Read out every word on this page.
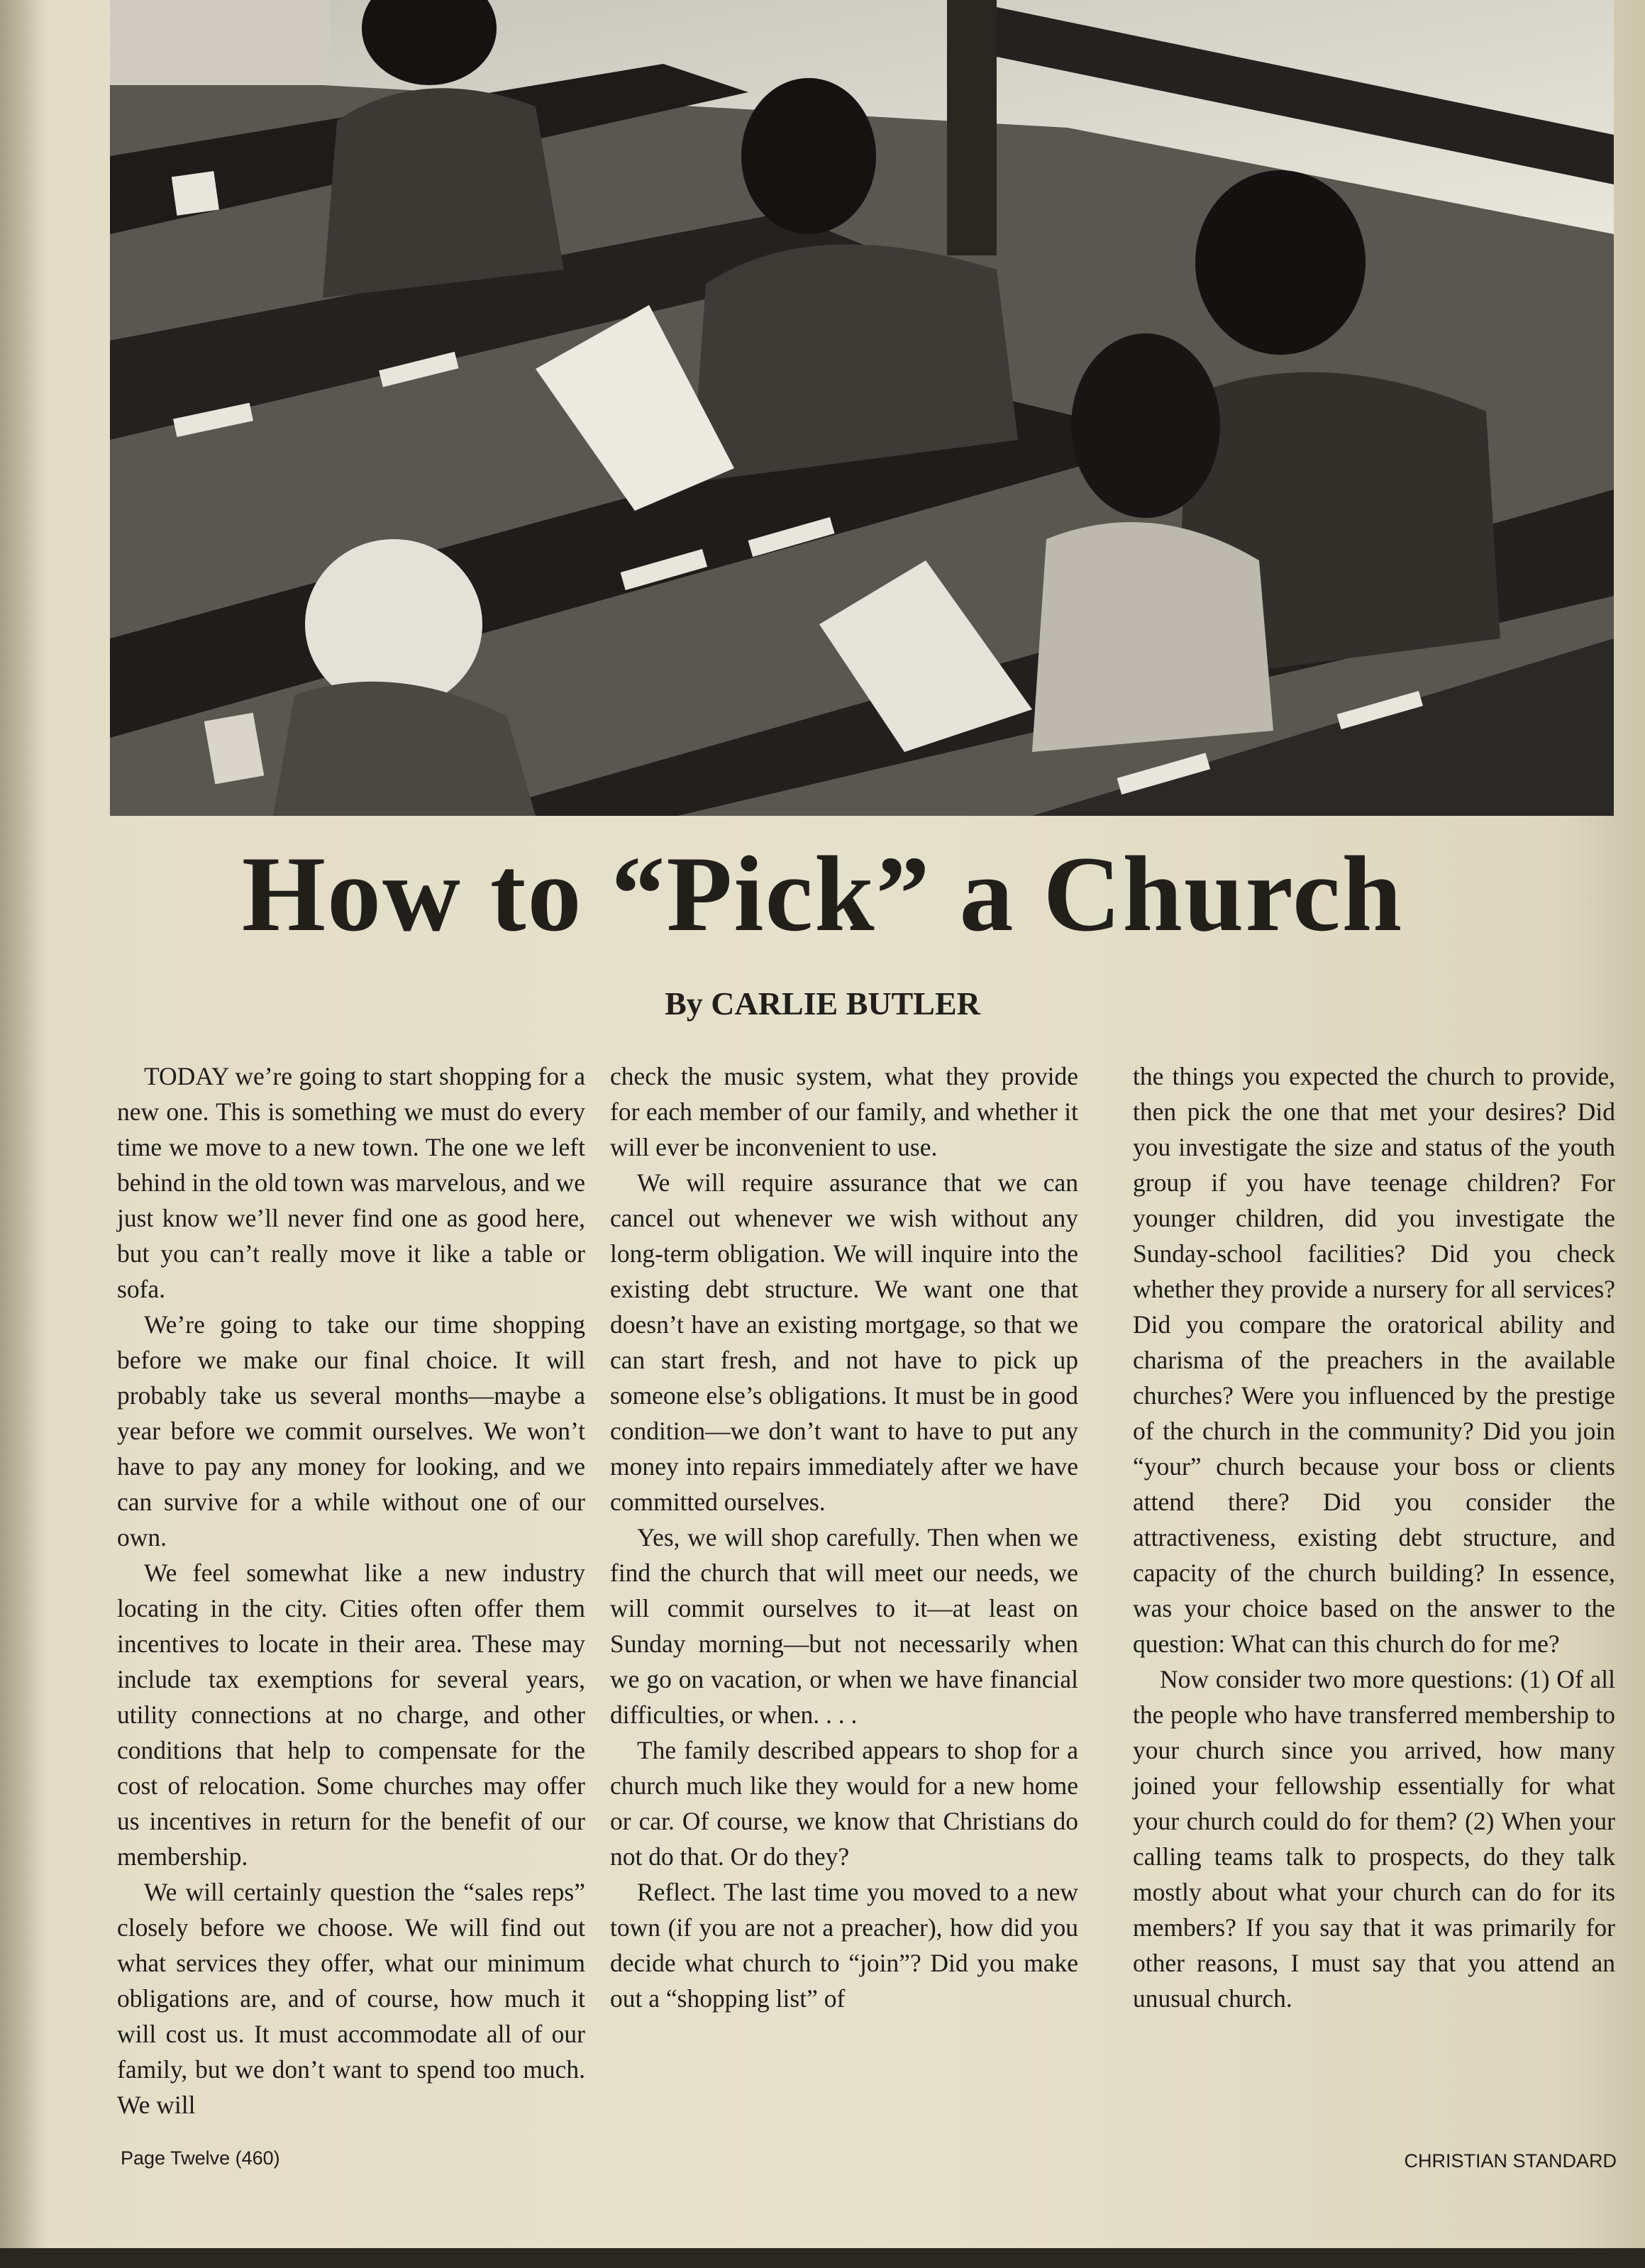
How to “Pick” a Church
By CARLIE BUTLER

TODAY we’re going to start shopping for a new one. This is something we must do every time we move to a new town. The one we left behind in the old town was marvelous, and we just know we’ll never find one as good here, but you can’t really move it like a table or sofa.

We’re going to take our time shopping before we make our final choice. It will probably take us several months—maybe a year before we commit ourselves. We won’t have to pay any money for looking, and we can survive for a while without one of our own.

We feel somewhat like a new industry locating in the city. Cities often offer them incentives to locate in their area. These may include tax exemptions for several years, utility connections at no charge, and other conditions that help to compensate for the cost of relocation. Some churches may offer us incentives in return for the benefit of our membership.

We will certainly question the “sales reps” closely before we choose. We will find out what services they offer, what our minimum obligations are, and of course, how much it will cost us. It must accommodate all of our family, but we don’t want to spend too much. We will

check the music system, what they provide for each member of our family, and whether it will ever be inconvenient to use.

We will require assurance that we can cancel out whenever we wish without any long-term obligation. We will inquire into the existing debt structure. We want one that doesn’t have an existing mortgage, so that we can start fresh, and not have to pick up someone else’s obligations. It must be in good condition—we don’t want to have to put any money into repairs immediately after we have committed ourselves.

Yes, we will shop carefully. Then when we find the church that will meet our needs, we will commit ourselves to it—at least on Sunday morning—but not necessarily when we go on vacation, or when we have financial difficulties, or when. . . .

The family described appears to shop for a church much like they would for a new home or car. Of course, we know that Christians do not do that. Or do they?

Reflect. The last time you moved to a new town (if you are not a preacher), how did you decide what church to “join”? Did you make out a “shopping list” of

the things you expected the church to provide, then pick the one that met your desires? Did you investigate the size and status of the youth group if you have teenage children? For younger children, did you investigate the Sunday-school facilities? Did you check whether they provide a nursery for all services? Did you compare the oratorical ability and charisma of the preachers in the available churches? Were you influenced by the prestige of the church in the community? Did you join “your” church because your boss or clients attend there? Did you consider the attractiveness, existing debt structure, and capacity of the church building? In essence, was your choice based on the answer to the question: What can this church do for me?

Now consider two more questions: (1) Of all the people who have transferred membership to your church since you arrived, how many joined your fellowship essentially for what your church could do for them? (2) When your calling teams talk to prospects, do they talk mostly about what your church can do for its members? If you say that it was primarily for other reasons, I must say that you attend an unusual church.

Page Twelve (460)	CHRISTIAN STANDARD
